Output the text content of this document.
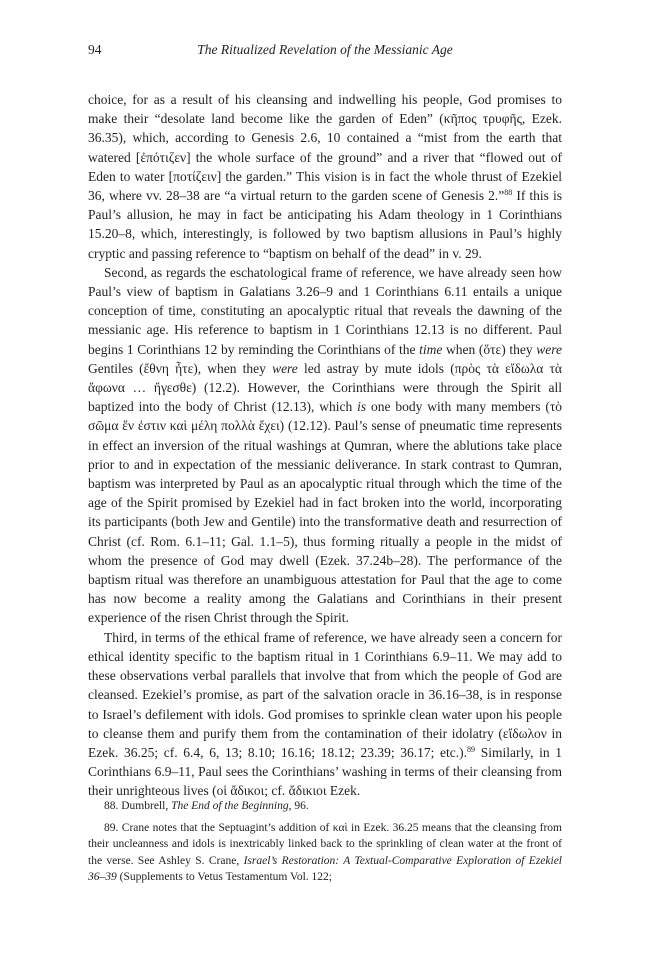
94	The Ritualized Revelation of the Messianic Age

choice, for as a result of his cleansing and indwelling his people, God promises to make their “desolate land become like the garden of Eden” (κῆπος τρυφῆς, Ezek. 36.35), which, according to Genesis 2.6, 10 contained a “mist from the earth that watered [ἐπότιζεν] the whole surface of the ground” and a river that “flowed out of Eden to water [ποτίζειν] the garden.” This vision is in fact the whole thrust of Ezekiel 36, where vv. 28–38 are “a virtual return to the garden scene of Genesis 2.”$^{88}$ If this is Paul’s allusion, he may in fact be anticipating his Adam theology in 1 Corinthians 15.20–8, which, interestingly, is followed by two baptism allusions in Paul’s highly cryptic and passing reference to “baptism on behalf of the dead” in v. 29.

Second, as regards the eschatological frame of reference, we have already seen how Paul’s view of baptism in Galatians 3.26–9 and 1 Corinthians 6.11 entails a unique conception of time, constituting an apocalyptic ritual that reveals the dawning of the messianic age. His reference to baptism in 1 Corinthians 12.13 is no different. Paul begins 1 Corinthians 12 by reminding the Corinthians of the time when (ὅτε) they were Gentiles (ἔθνη ἦτε), when they were led astray by mute idols (πρὸς τὰ εἴδωλα τὰ ἄφωνα … ἤγεσθε) (12.2). However, the Corinthians were through the Spirit all baptized into the body of Christ (12.13), which is one body with many members (τὸ σῶμα ἕν ἐστιν καὶ μέλη πολλὰ ἔχει) (12.12). Paul’s sense of pneumatic time represents in effect an inversion of the ritual washings at Qumran, where the ablutions take place prior to and in expectation of the messianic deliverance. In stark contrast to Qumran, baptism was interpreted by Paul as an apocalyptic ritual through which the time of the age of the Spirit promised by Ezekiel had in fact broken into the world, incorporating its participants (both Jew and Gentile) into the transformative death and resurrection of Christ (cf. Rom. 6.1–11; Gal. 1.1–5), thus forming ritually a people in the midst of whom the presence of God may dwell (Ezek. 37.24b–28). The performance of the baptism ritual was therefore an unambiguous attestation for Paul that the age to come has now become a reality among the Galatians and Corinthians in their present experience of the risen Christ through the Spirit.

Third, in terms of the ethical frame of reference, we have already seen a concern for ethical identity specific to the baptism ritual in 1 Corinthians 6.9–11. We may add to these observations verbal parallels that involve that from which the people of God are cleansed. Ezekiel’s promise, as part of the salvation oracle in 36.16–38, is in response to Israel’s defilement with idols. God promises to sprinkle clean water upon his people to cleanse them and purify them from the contamination of their idolatry (εἴδωλον in Ezek. 36.25; cf. 6.4, 6, 13; 8.10; 16.16; 18.12; 23.39; 36.17; etc.).$^{89}$ Similarly, in 1 Corinthians 6.9–11, Paul sees the Corinthians’ washing in terms of their cleansing from their unrighteous lives (οἱ ἄδικοι; cf. ἄδικιοι Ezek.

88. Dumbrell, The End of the Beginning, 96.

89. Crane notes that the Septuagint’s addition of καὶ in Ezek. 36.25 means that the cleansing from their uncleanness and idols is inextricably linked back to the sprinkling of clean water at the front of the verse. See Ashley S. Crane, Israel’s Restoration: A Textual-Comparative Exploration of Ezekiel 36–39 (Supplements to Vetus Testamentum Vol. 122;
